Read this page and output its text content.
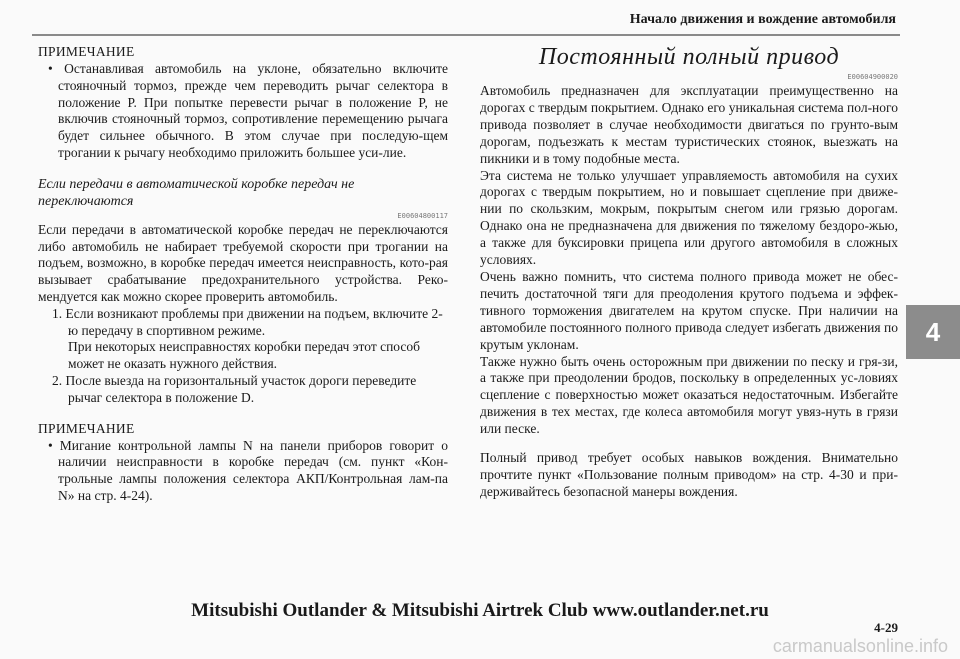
Начало движения и вождение автомобиля

ПРИМЕЧАНИЕ

• Останавливая автомобиль на уклоне, обязательно включите стояночный тормоз, прежде чем переводить рычаг селектора в положение P. При попытке перевести рычаг в положение P, не включив стояночный тормоз, сопротивление перемещению рычага будет сильнее обычного. В этом случае при последую-щем трогании к рычагу необходимо приложить большее уси-лие.

Если передачи в автоматической коробке передач не переключаются

E00604800117

Если передачи в автоматической коробке передач не переключаются либо автомобиль не набирает требуемой скорости при трогании на подъем, возможно, в коробке передач имеется неисправность, кото-рая вызывает срабатывание предохранительного устройства. Реко-мендуется как можно скорее проверить автомобиль.

1. Если возникают проблемы при движении на подъем, включите 2-ю передачу в спортивном режиме.

При некоторых неисправностях коробки передач этот способ может не оказать нужного действия.

2. После выезда на горизонтальный участок дороги переведите рычаг селектора в положение D.

ПРИМЕЧАНИЕ

• Мигание контрольной лампы N на панели приборов говорит о наличии неисправности в коробке передач (см. пункт «Кон-трольные лампы положения селектора АКП/Контрольная лам-па N» на стр. 4-24).

Постоянный полный привод

E00604900020

Автомобиль предназначен для эксплуатации преимущественно на дорогах с твердым покрытием. Однако его уникальная система пол-ного привода позволяет в случае необходимости двигаться по грунто-вым дорогам, подъезжать к местам туристических стоянок, выезжать на пикники и в тому подобные места.

Эта система не только улучшает управляемость автомобиля на сухих дорогах с твердым покрытием, но и повышает сцепление при движе-нии по скользким, мокрым, покрытым снегом или грязью дорогам. Однако она не предназначена для движения по тяжелому бездоро-жью, а также для буксировки прицепа или другого автомобиля в сложных условиях.

Очень важно помнить, что система полного привода может не обес-печить достаточной тяги для преодоления крутого подъема и эффек-тивного торможения двигателем на крутом спуске. При наличии на автомобиле постоянного полного привода следует избегать движения по крутым уклонам.

Также нужно быть очень осторожным при движении по песку и гря-зи, а также при преодолении бродов, поскольку в определенных ус-ловиях сцепление с поверхностью может оказаться недостаточным. Избегайте движения в тех местах, где колеса автомобиля могут увяз-нуть в грязи или песке.

Полный привод требует особых навыков вождения. Внимательно прочтите пункт «Пользование полным приводом» на стр. 4-30 и при-держивайтесь безопасной манеры вождения.

4
Mitsubishi Outlander & Mitsubishi Airtrek Club www.outlander.net.ru
4-29
carmanualsonline.info
